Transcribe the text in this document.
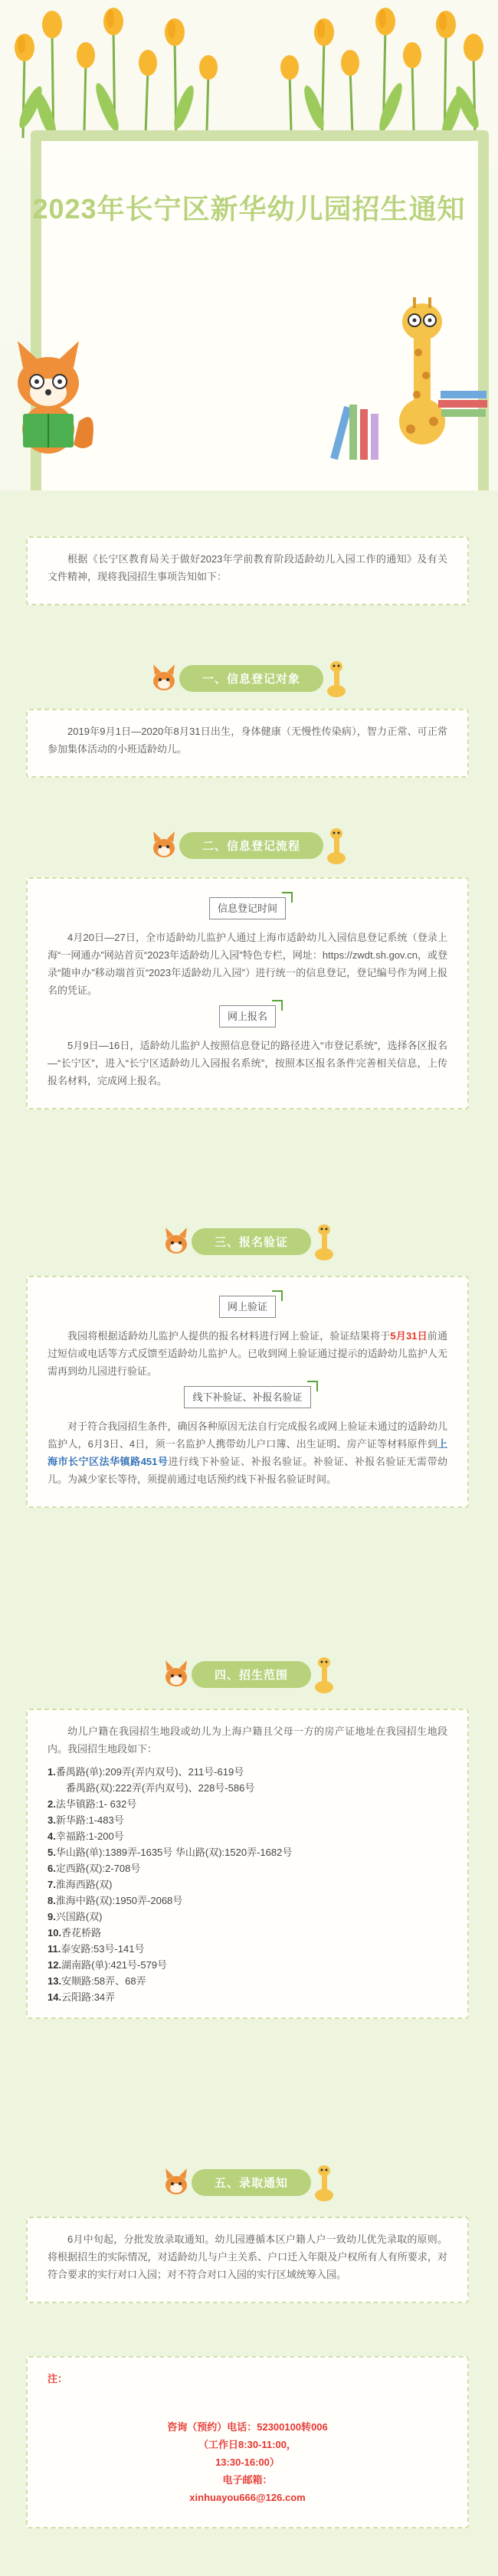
2023年长宁区新华幼儿园招生通知

根据《长宁区教育局关于做好2023年学前教育阶段适龄幼儿入园工作的通知》及有关文件精神，现将我园招生事项告知如下：

一、信息登记对象

2019年9月1日—2020年8月31日出生，身体健康（无慢性传染病），智力正常、可正常参加集体活动的小班适龄幼儿。

二、信息登记流程
信息登记时间

4月20日—27日，全市适龄幼儿监护人通过上海市适龄幼儿入园信息登记系统（登录上海“一网通办”网站首页“2023年适龄幼儿入园”特色专栏，网址：https://zwdt.sh.gov.cn，或登录“随申办”移动端首页“2023年适龄幼儿入园”）进行统一的信息登记，登记编号作为网上报名的凭证。

网上报名

5月9日—16日，适龄幼儿监护人按照信息登记的路径进入“市登记系统”，选择各区报名—“长宁区”，进入“长宁区适龄幼儿入园报名系统”，按照本区报名条件完善相关信息，上传报名材料，完成网上报名。

三、报名验证
网上验证

我园将根据适龄幼儿监护人提供的报名材料进行网上验证，验证结果将于5月31日前通过短信或电话等方式反馈至适龄幼儿监护人。已收到网上验证通过提示的适龄幼儿监护人无需再到幼儿园进行验证。

线下补验证、补报名验证

对于符合我园招生条件，确因各种原因无法自行完成报名或网上验证未通过的适龄幼儿监护人，6月3日、4日，须一名监护人携带幼儿户口簿、出生证明、房产证等材料原件到上海市长宁区法华镇路451号进行线下补验证、补报名验证。补验证、补报名验证无需带幼儿。为减少家长等待，须提前通过电话预约线下补报名验证时间。

四、招生范围

幼儿户籍在我园招生地段或幼儿为上海户籍且父母一方的房产证地址在我园招生地段内。我园招生地段如下：

1.番禺路(单):209弄(弄内双号)、211号-619号
番禺路(双):222弄(弄内双号)、228号-586号
2.法华镇路:1- 632号
3.新华路:1-483号
4.幸福路:1-200号
5.华山路(单):1389弄-1635号 华山路(双):1520弄-1682号
6.定西路(双):2-708号
7.淮海西路(双)
8.淮海中路(双):1950弄-2068号
9.兴国路(双)
10.香花桥路
11.泰安路:53号-141号
12.湖南路(单):421号-579号
13.安顺路:58弄、68弄
14.云阳路:34弄
五、录取通知

6月中旬起，分批发放录取通知。幼儿园遵循本区户籍人户一致幼儿优先录取的原则。将根据招生的实际情况，对适龄幼儿与户主关系、户口迁入年限及户权所有人有所要求，对符合要求的实行对口入园；对不符合对口入园的实行区域统筹入园。

注：
咨询（预约）电话：52300100转006
（工作日8:30-11:00，
13:30-16:00）
电子邮箱：
xinhuayou666@126.com
